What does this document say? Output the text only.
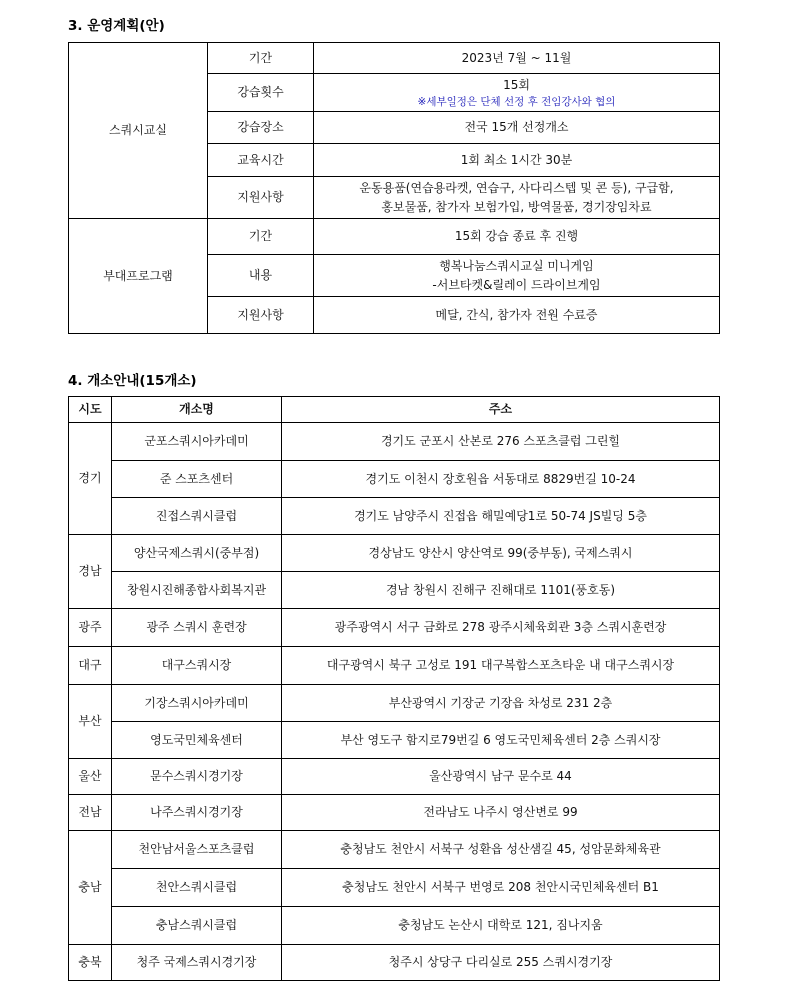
3. 운영계획(안)
스쿼시교실	기간	2023년 7월 ~ 11월

	강습횟수	15회
※세부일정은 단체 선정 후 전임강사와 협의

	강습장소	전국 15개 선정개소

	교육시간	1회 최소 1시간 30분

	지원사항	운동용품(연습용라켓, 연습구, 사다리스텝 및 콘 등), 구급함,
홍보물품, 참가자 보험가입, 방역물품, 경기장임차료

부대프로그램	기간	15회 강습 종료 후 진행

	내용	행복나눔스쿼시교실 미니게임
-서브타켓&릴레이 드라이브게임

	지원사항	메달, 간식, 참가자 전원 수료증
4. 개소안내(15개소)
시도	개소명	주소
경기	군포스쿼시아카데미	경기도 군포시 산본로 276 스포츠클럽 그린힐
	준 스포츠센터	경기도 이천시 장호원읍 서동대로 8829번길 10-24
	진접스쿼시클럽	경기도 남양주시 진접읍 해밀예당1로 50-74 JS빌딩 5층
경남	양산국제스쿼시(중부점)	경상남도 양산시 양산역로 99(중부동), 국제스쿼시
	창원시진해종합사회복지관	경남 창원시 진해구 진해대로 1101(풍호동)
광주	광주 스쿼시 훈련장	광주광역시 서구 금화로 278 광주시체육회관 3층 스쿼시훈련장
대구	대구스쿼시장	대구광역시 북구 고성로 191 대구복합스포츠타운 내 대구스쿼시장
부산	기장스쿼시아카데미	부산광역시 기장군 기장읍 차성로 231 2층
	영도국민체육센터	부산 영도구 함지로79번길 6 영도국민체육센터 2층 스쿼시장
울산	문수스쿼시경기장	울산광역시 남구 문수로 44
전남	나주스쿼시경기장	전라남도 나주시 영산변로 99
충남	천안남서울스포츠클럽	충청남도 천안시 서북구 성환읍 성산샘길 45, 성암문화체육관
	천안스쿼시클럽	충청남도 천안시 서북구 번영로 208 천안시국민체육센터 B1
	충남스쿼시클럽	충청남도 논산시 대학로 121, 짐나지움
충북	청주 국제스쿼시경기장	청주시 상당구 다리실로 255 스쿼시경기장
